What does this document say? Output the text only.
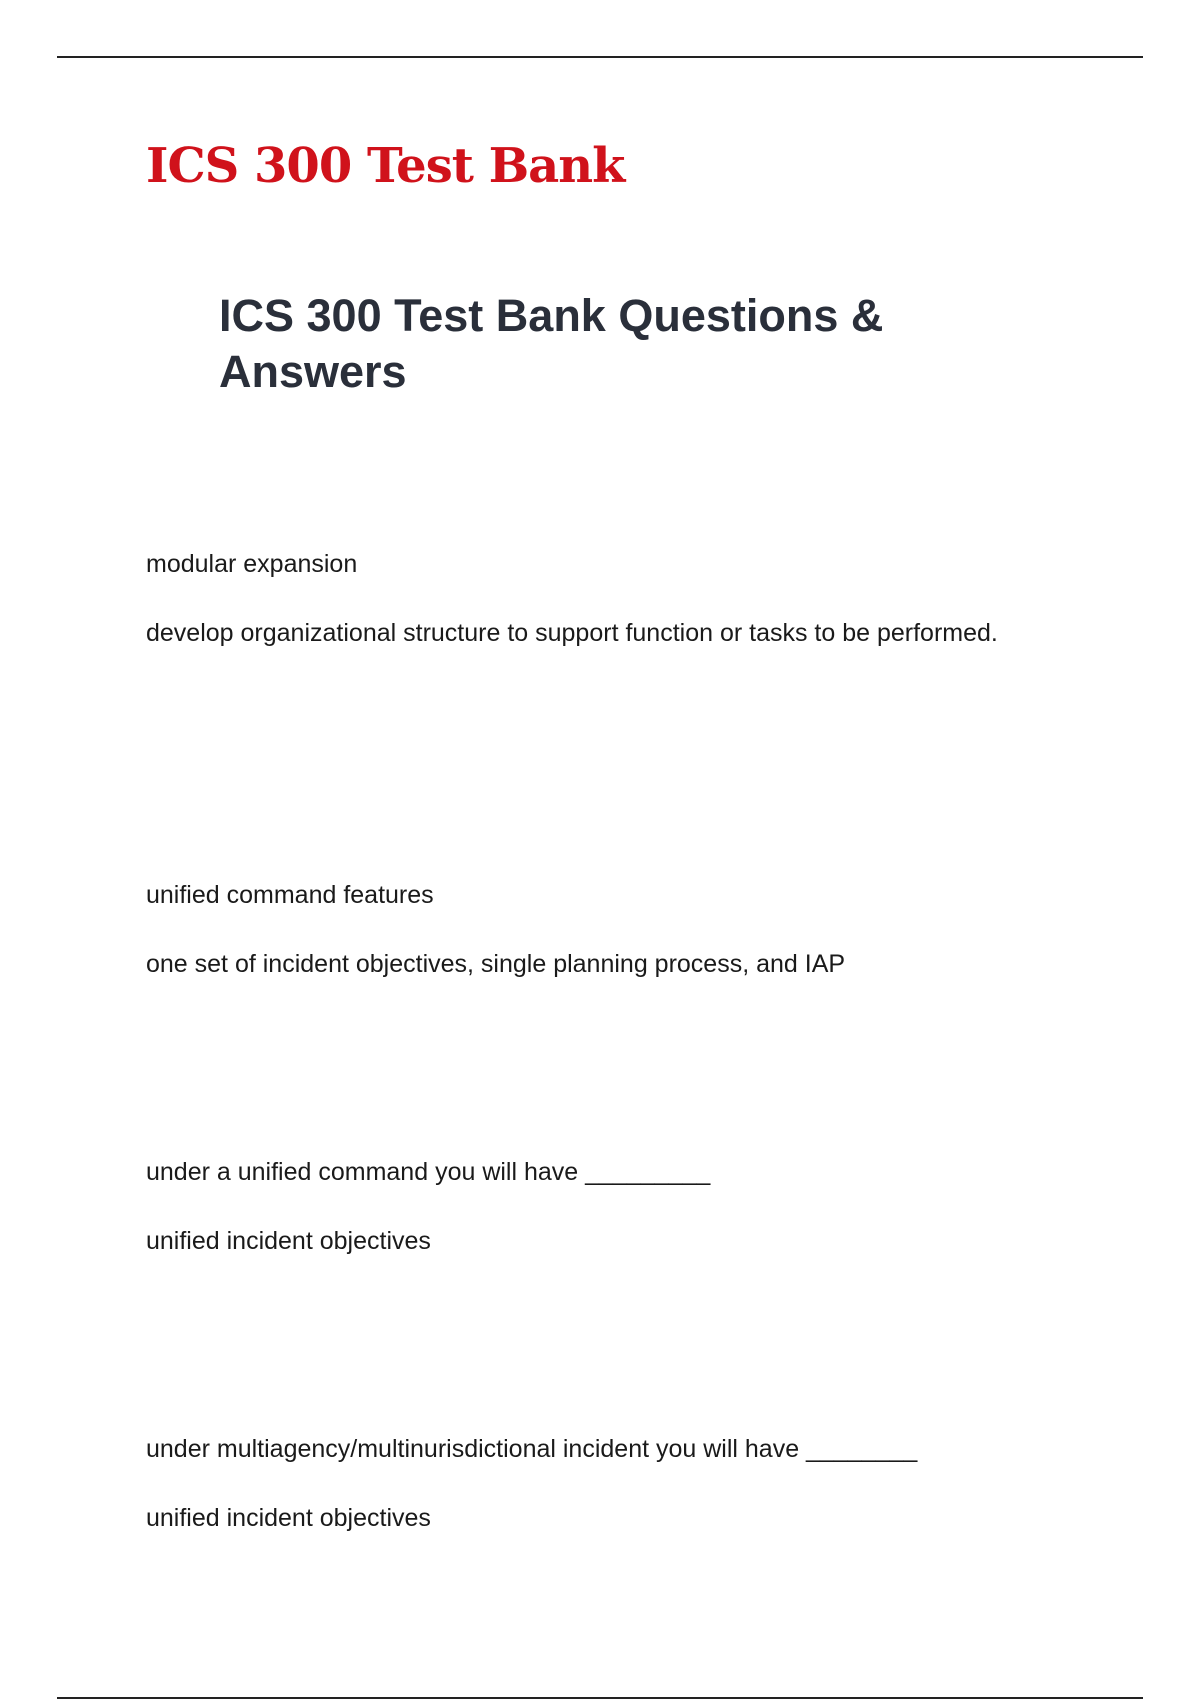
ICS 300 Test Bank
ICS 300 Test Bank Questions & Answers

modular expansion

develop organizational structure to support function or tasks to be performed.

unified command features

one set of incident objectives, single planning process, and IAP

under a unified command you will have _________

unified incident objectives

under multiagency/multinurisdictional incident you will have ________

unified incident objectives
